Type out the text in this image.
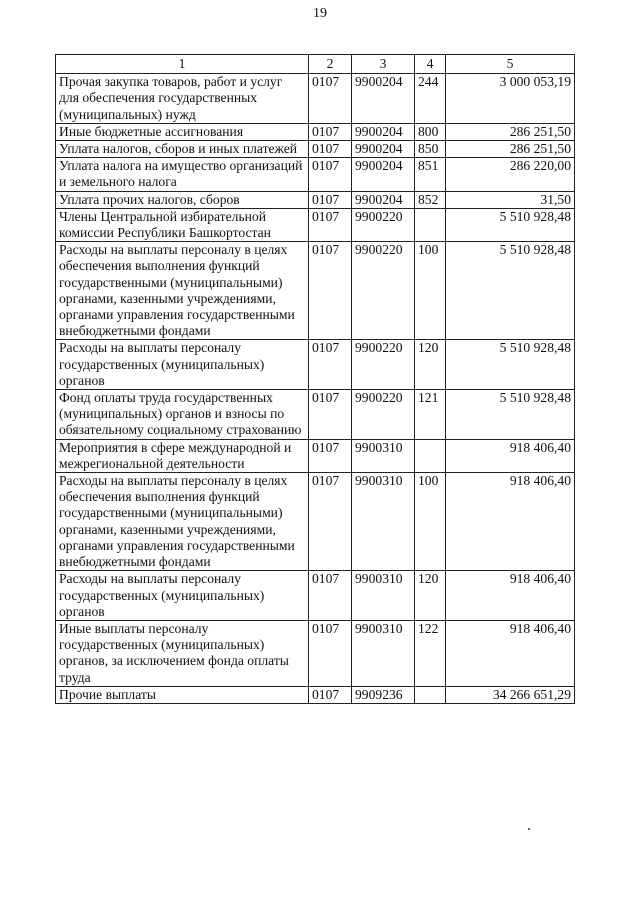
19
1	2	3	4	5
Прочая закупка товаров, работ и услуг для обеспечения государственных (муниципальных) нужд	0107	9900204	244	3 000 053,19
Иные бюджетные ассигнования	0107	9900204	800	286 251,50
Уплата налогов, сборов и иных платежей	0107	9900204	850	286 251,50
Уплата налога на имущество организаций и земельного налога	0107	9900204	851	286 220,00
Уплата прочих налогов, сборов	0107	9900204	852	31,50
Члены Центральной избирательной комиссии Республики Башкортостан	0107	9900220		5 510 928,48
Расходы на выплаты персоналу в целях обеспечения выполнения функций государственными (муниципальными) органами, казенными учреждениями, органами управления государственными внебюджетными фондами	0107	9900220	100	5 510 928,48
Расходы на выплаты персоналу государственных (муниципальных) органов	0107	9900220	120	5 510 928,48
Фонд оплаты труда государственных (муниципальных) органов и взносы по обязательному социальному страхованию	0107	9900220	121	5 510 928,48
Мероприятия в сфере международной и межрегиональной деятельности	0107	9900310		918 406,40
Расходы на выплаты персоналу в целях обеспечения выполнения функций государственными (муниципальными) органами, казенными учреждениями, органами управления государственными внебюджетными фондами	0107	9900310	100	918 406,40
Расходы на выплаты персоналу государственных (муниципальных) органов	0107	9900310	120	918 406,40
Иные выплаты персоналу государственных (муниципальных) органов, за исключением фонда оплаты труда	0107	9900310	122	918 406,40
Прочие выплаты	0107	9909236		34 266 651,29
